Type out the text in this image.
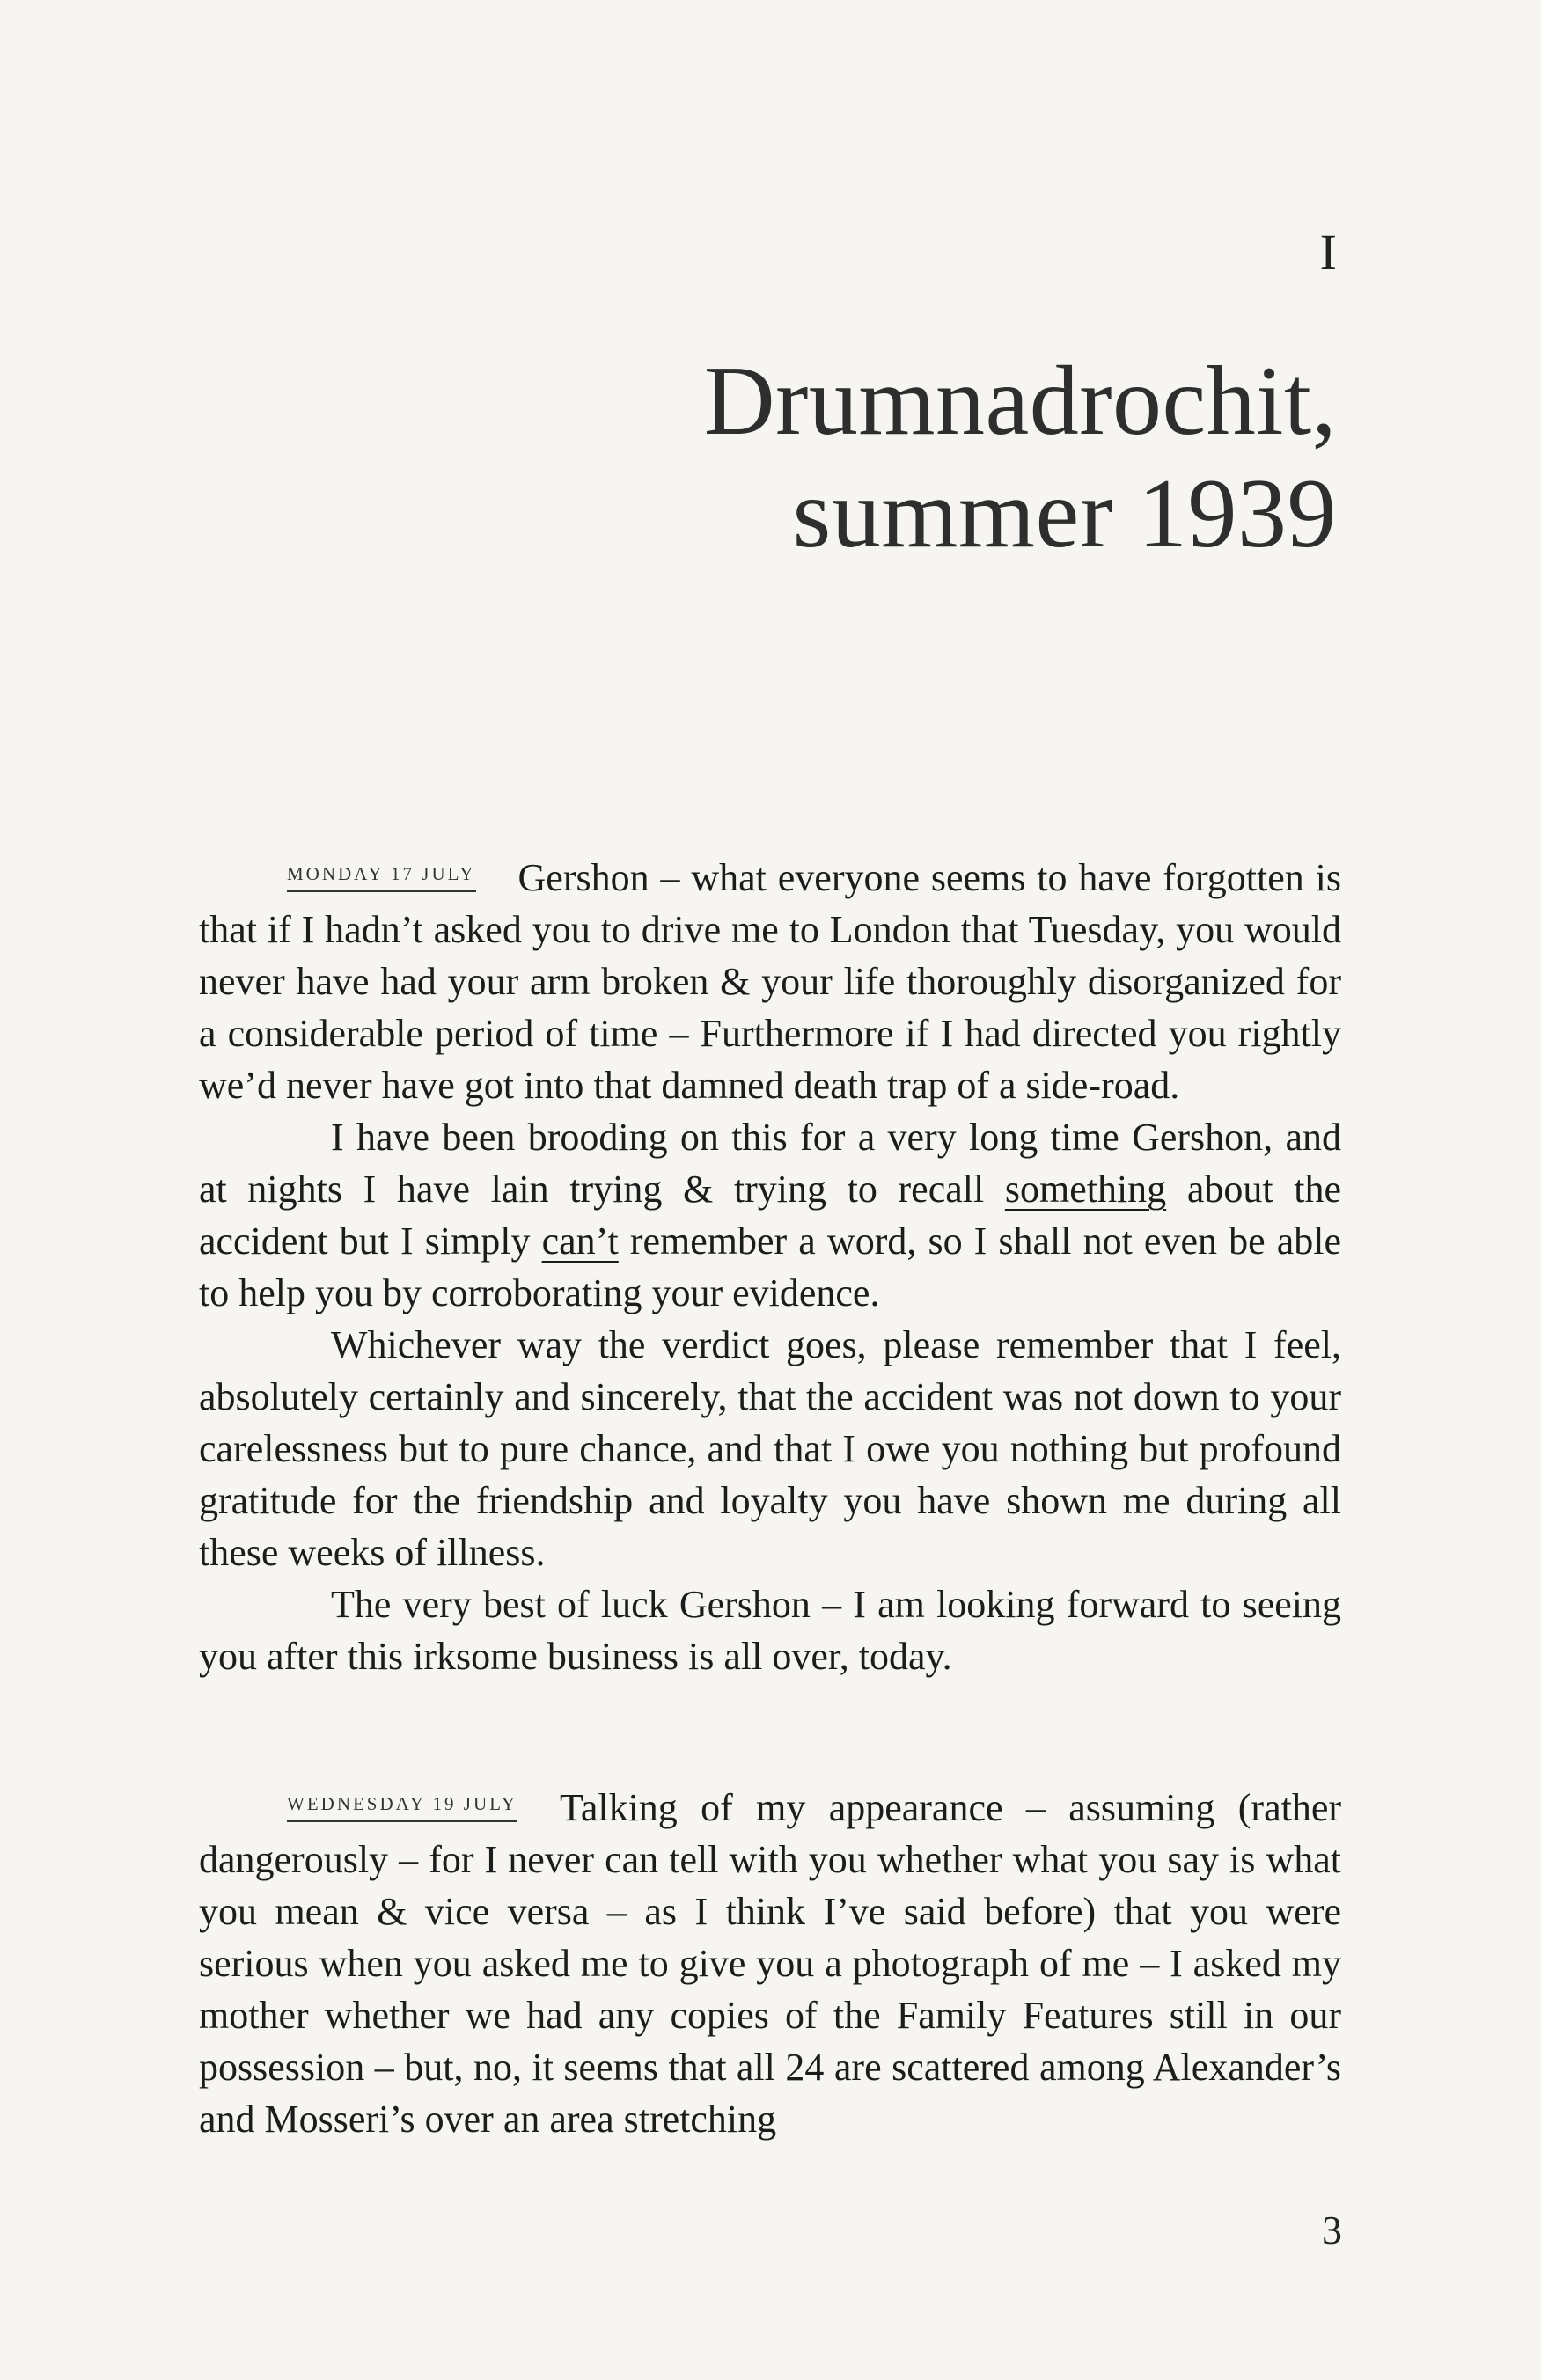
I
Drumnadrochit,
summer 1939

MONDAY 17 JULY Gershon – what everyone seems to have forgotten is that if I hadn’t asked you to drive me to London that Tuesday, you would never have had your arm broken & your life thoroughly disorganized for a considerable period of time – Furthermore if I had directed you rightly we’d never have got into that damned death trap of a side-road.

I have been brooding on this for a very long time Gershon, and at nights I have lain trying & trying to recall something about the accident but I simply can’t remember a word, so I shall not even be able to help you by corroborating your evidence.

Whichever way the verdict goes, please remember that I feel, absolutely certainly and sincerely, that the accident was not down to your carelessness but to pure chance, and that I owe you nothing but profound gratitude for the friendship and loyalty you have shown me during all these weeks of illness.

The very best of luck Gershon – I am looking forward to seeing you after this irksome business is all over, today.

WEDNESDAY 19 JULY Talking of my appearance – assuming (rather dangerously – for I never can tell with you whether what you say is what you mean & vice versa – as I think I’ve said before) that you were serious when you asked me to give you a photograph of me – I asked my mother whether we had any copies of the Family Features still in our possession – but, no, it seems that all 24 are scattered among Alexander’s and Mosseri’s over an area stretching

3
